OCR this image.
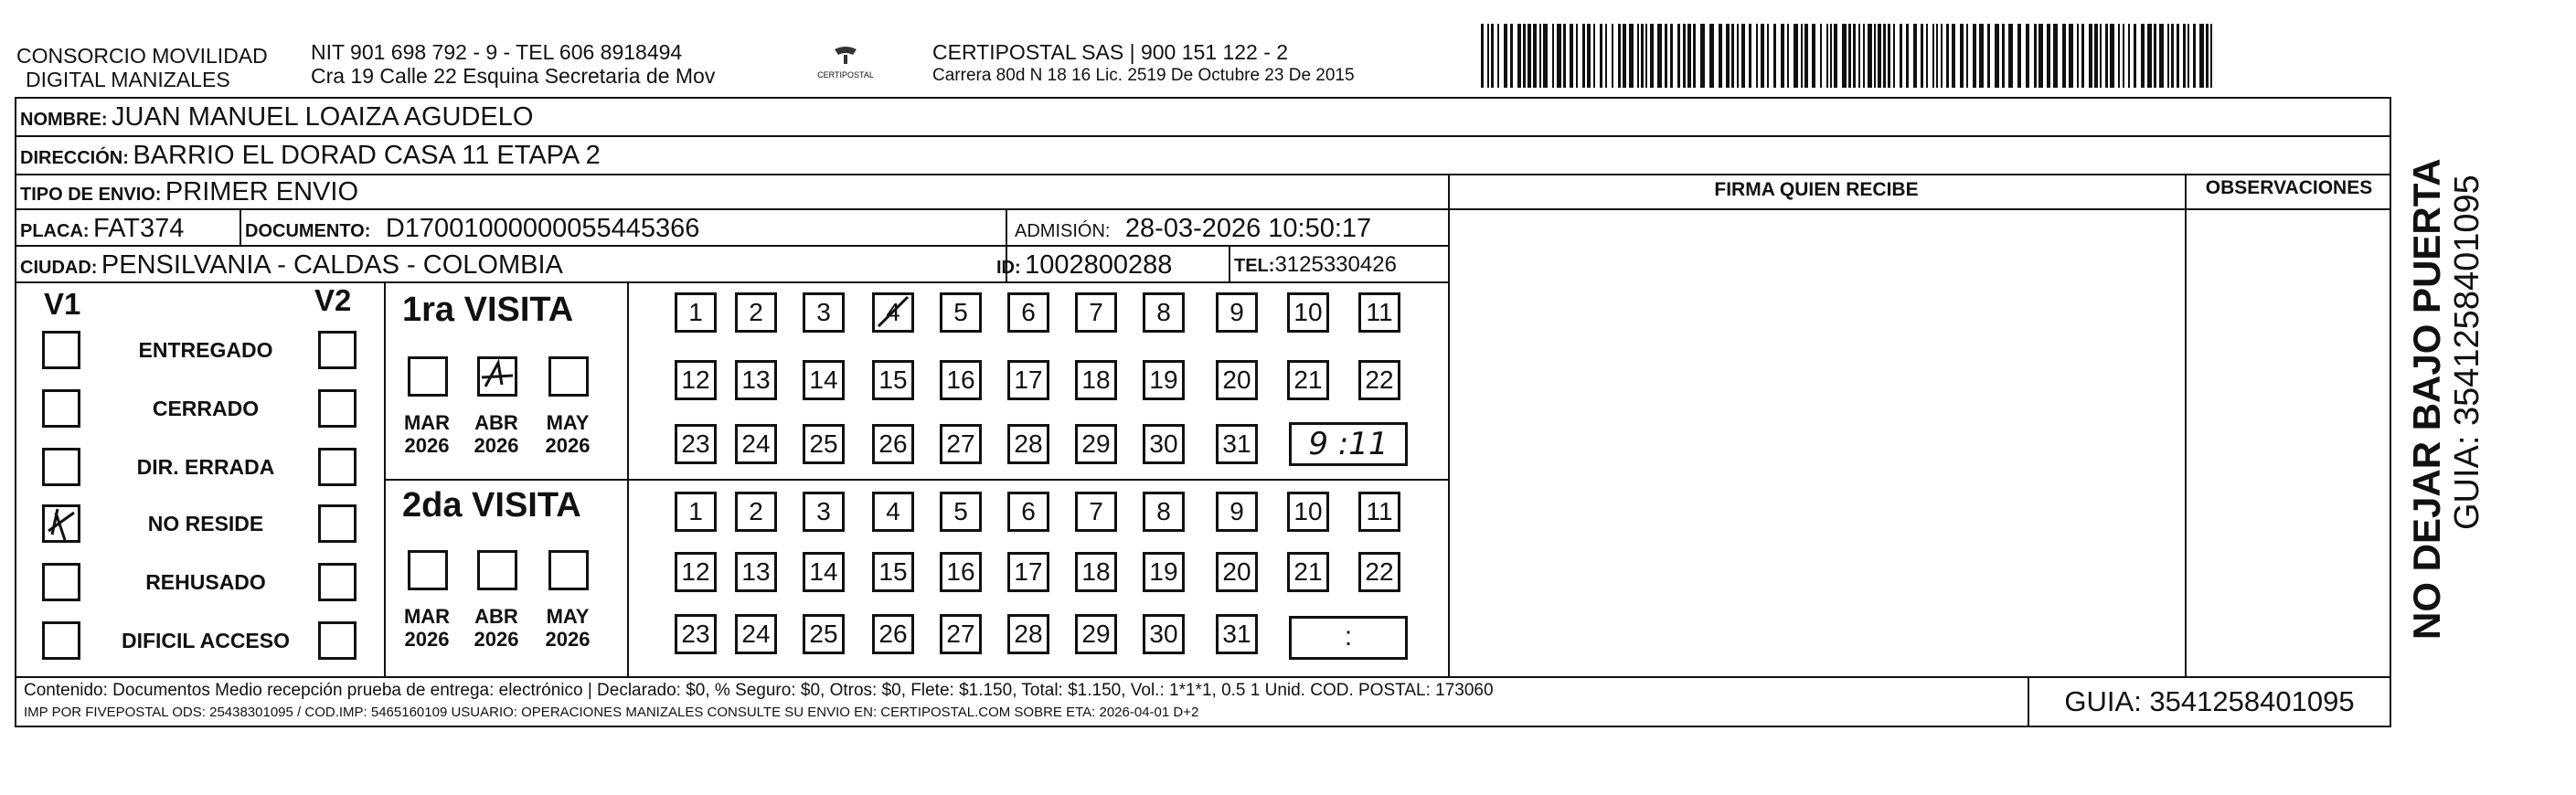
CONSORCIO MOVILIDAD
DIGITAL MANIZALES
NIT 901 698 792 - 9 - TEL 606 8918494
Cra 19 Calle 22 Esquina Secretaria de Mov	CERTIPOSTAL
CERTIPOSTAL SAS | 900 151 122 - 2
Carrera 80d N 18 16 Lic. 2519 De Octubre 23 De 2015
NOMBRE: JUAN MANUEL LOAIZA AGUDELO
DIRECCIÓN: BARRIO EL DORAD CASA 11 ETAPA 2
TIPO DE ENVIO: PRIMER ENVIO
PLACA: FAT374	DOCUMENTO: D17001000000055445366	ADMISIÓN: 28-03-2026 10:50:17
CIUDAD: PENSILVANIA - CALDAS - COLOMBIA	ID: 1002800288	TEL:3125330426
FIRMA QUIEN RECIBE	OBSERVACIONES
V1	V2
ENTREGADO
CERRADO
DIR. ERRADA
NO RESIDE
REHUSADO
DIFICIL ACCESO
1ra VISITA
2da VISITA
MAR
2026
ABR
2026
MAY
2026
MAR
2026
ABR
2026
MAY
2026
1	2	3	4	5	6	7	8	9	10	11
12 13 14 15 16 17 18 19 20 21 22
23 24 25 26 27 28 29 30 31
1	2	3	4	5	6	7	8	9	10	11
12 13 14 15 16 17 18 19 20 21 22
23 24 25 26 27 28 29 30 31
9 :11
:
Contenido: Documentos Medio recepción prueba de entrega: electrónico | Declarado: $0, % Seguro: $0, Otros: $0, Flete: $1.150, Total: $1.150, Vol.: 1*1*1, 0.5 1 Unid. COD. POSTAL: 173060
IMP POR FIVEPOSTAL ODS: 25438301095 / COD.IMP: 5465160109 USUARIO: OPERACIONES MANIZALES CONSULTE SU ENVIO EN: CERTIPOSTAL.COM SOBRE ETA: 2026-04-01 D+2	GUIA: 3541258401095
NO DEJAR BAJO PUERTA GUIA: 3541258401095
